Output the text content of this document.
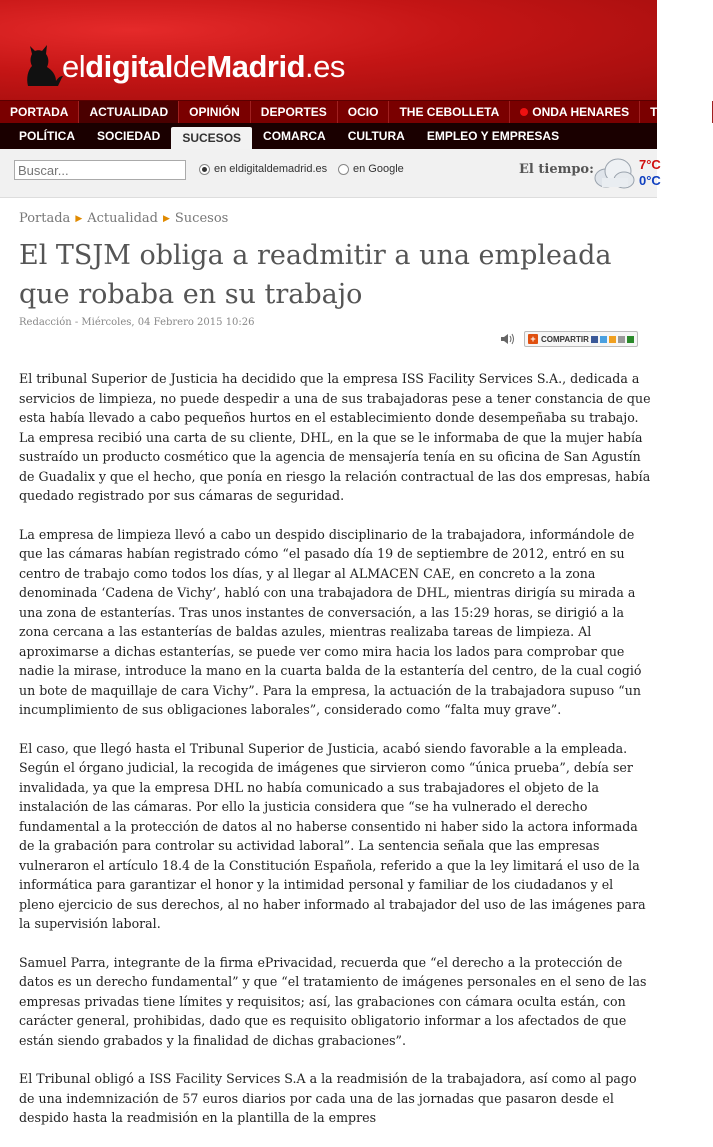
eldigitaldeMadrid.es
PORTADA	ACTUALIDAD	OPINIÓN	DEPORTES	OCIO	THE CEBOLLETA	ONDA HENARES	TE ESCU
POLÍTICA	SOCIEDAD	SUCESOS	COMARCA	CULTURA	EMPLEO Y EMPRESAS
Buscar...
en eldigitaldemadrid.es en Google	El tiempo:	7°C
0°C
Portada ▶ Actualidad ▶ Sucesos
El TSJM obliga a readmitir a una empleada que robaba en su trabajo
Redacción - Miércoles, 04 Febrero 2015 10:26
+ COMPARTIR

El tribunal Superior de Justicia ha decidido que la empresa ISS Facility Services S.A., dedicada a servicios de limpieza, no puede despedir a una de sus trabajadoras pese a tener constancia de que esta había llevado a cabo pequeños hurtos en el establecimiento donde desempeñaba su trabajo. La empresa recibió una carta de su cliente, DHL, en la que se le informaba de que la mujer había sustraído un producto cosmético que la agencia de mensajería tenía en su oficina de San Agustín de Guadalix y que el hecho, que ponía en riesgo la relación contractual de las dos empresas, había quedado registrado por sus cámaras de seguridad.

La empresa de limpieza llevó a cabo un despido disciplinario de la trabajadora, informándole de que las cámaras habían registrado cómo “el pasado día 19 de septiembre de 2012, entró en su centro de trabajo como todos los días, y al llegar al ALMACEN CAE, en concreto a la zona denominada ‘Cadena de Vichy’, habló con una trabajadora de DHL, mientras dirigía su mirada a una zona de estanterías. Tras unos instantes de conversación, a las 15:29 horas, se dirigió a la zona cercana a las estanterías de baldas azules, mientras realizaba tareas de limpieza. Al aproximarse a dichas estanterías, se puede ver como mira hacia los lados para comprobar que nadie la mirase, introduce la mano en la cuarta balda de la estantería del centro, de la cual cogió un bote de maquillaje de cara Vichy”. Para la empresa, la actuación de la trabajadora supuso “un incumplimiento de sus obligaciones laborales”, considerado como “falta muy grave”.

El caso, que llegó hasta el Tribunal Superior de Justicia, acabó siendo favorable a la empleada. Según el órgano judicial, la recogida de imágenes que sirvieron como “única prueba”, debía ser invalidada, ya que la empresa DHL no había comunicado a sus trabajadores el objeto de la instalación de las cámaras. Por ello la justicia considera que “se ha vulnerado el derecho fundamental a la protección de datos al no haberse consentido ni haber sido la actora informada de la grabación para controlar su actividad laboral”. La sentencia señala que las empresas vulneraron el artículo 18.4 de la Constitución Española, referido a que la ley limitará el uso de la informática para garantizar el honor y la intimidad personal y familiar de los ciudadanos y el pleno ejercicio de sus derechos, al no haber informado al trabajador del uso de las imágenes para la supervisión laboral.

Samuel Parra, integrante de la firma ePrivacidad, recuerda que “el derecho a la protección de datos es un derecho fundamental” y que “el tratamiento de imágenes personales en el seno de las empresas privadas tiene límites y requisitos; así, las grabaciones con cámara oculta están, con carácter general, prohibidas, dado que es requisito obligatorio informar a los afectados de que están siendo grabados y la finalidad de dichas grabaciones”.

El Tribunal obligó a ISS Facility Services S.A a la readmisión de la trabajadora, así como al pago de una indemnización de 57 euros diarios por cada una de las jornadas que pasaron desde el despido hasta la readmisión en la plantilla de la empres
